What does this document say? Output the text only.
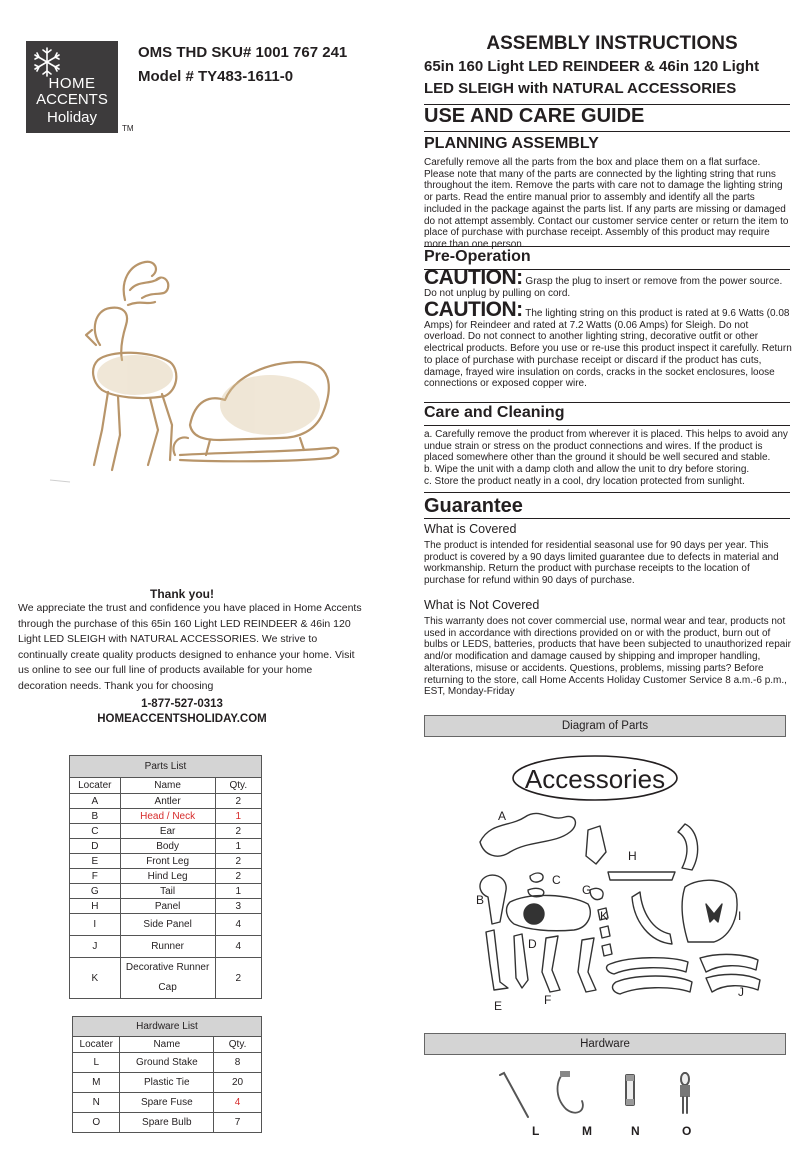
HOME
ACCENTS
Holiday
TM
OMS THD SKU# 1001 767 241
Model # TY483-1611-0
Thank you!
We appreciate the trust and confidence you have placed in Home Accents through the purchase of this 65in 160 Light LED REINDEER & 46in 120 Light LED SLEIGH with NATURAL ACCESSORIES. We strive to continually create quality products designed to enhance your home. Visit us online to see our full line of products available for your home decoration needs. Thank you for choosing
1-877-527-0313
HOMEACCENTSHOLIDAY.COM
Parts List		
Locater	Name	Qty.
A	Antler	2
B	Head / Neck	1
C	Ear	2
D	Body	1
E	Front Leg	2
F	Hind Leg	2
G	Tail	1
H	Panel	3
I	Side Panel	4
J	Runner	4
K	Decorative Runner
Cap	2
Hardware List		
Locater	Name	Qty.
L	Ground Stake	8
M	Plastic Tie	20
N	Spare Fuse	4
O	Spare Bulb	7
ASSEMBLY INSTRUCTIONS
65in 160 Light LED REINDEER & 46in 120 Light
LED SLEIGH with NATURAL ACCESSORIES
USE AND CARE GUIDE
PLANNING ASSEMBLY
Carefully remove all the parts from the box and place them on a flat surface. Please note that many of the parts are connected by the lighting string that runs throughout the item. Remove the parts with care not to damage the lighting string or parts. Read the entire manual prior to assembly and identify all the parts included in the package against the parts list. If any parts are missing or damaged do not attempt assembly. Contact our customer service center or return the item to place of purchase with purchase receipt. Assembly of this product may require more than one person.
Pre-Operation
CAUTION: Grasp the plug to insert or remove from the power source. Do not unplug by pulling on cord.
CAUTION: The lighting string on this product is rated at 9.6 Watts (0.08 Amps) for Reindeer and rated at 7.2 Watts (0.06 Amps) for Sleigh. Do not overload. Do not connect to another lighting string, decorative outfit or other electrical products. Before you use or re-use this product inspect it carefully. Return to place of purchase with purchase receipt or discard if the product has cuts, damage, frayed wire insulation on cords, cracks in the socket enclosures, loose connections or exposed copper wire.
Care and Cleaning
a. Carefully remove the product from wherever it is placed. This helps to avoid any undue strain or stress on the product connections and wires. If the product is placed somewhere other than the ground it should be well secured and stable.
b. Wipe the unit with a damp cloth and allow the unit to dry before storing.
c. Store the product neatly in a cool, dry location protected from sunlight.
Guarantee
What is Covered
The product is intended for residential seasonal use for 90 days per year. This product is covered by a 90 days limited guarantee due to defects in material and workmanship. Return the product with purchase receipts to the location of purchase for refund within 90 days of purchase.
What is Not Covered
This warranty does not cover commercial use, normal wear and tear, products not used in accordance with directions provided on or with the product, burn out of bulbs or LEDS, batteries, products that have been subjected to unauthorized repair and/or modification and damage caused by shipping and improper handling, alterations, misuse or accidents. Questions, problems, missing parts? Before returning to the store, call Home Accents Holiday Customer Service 8 a.m.-6 p.m., EST, Monday-Friday
Diagram of Parts
Accessories
A
H
B
C
G
K	I
D
F
E
J
Hardware
L	M	N	O
